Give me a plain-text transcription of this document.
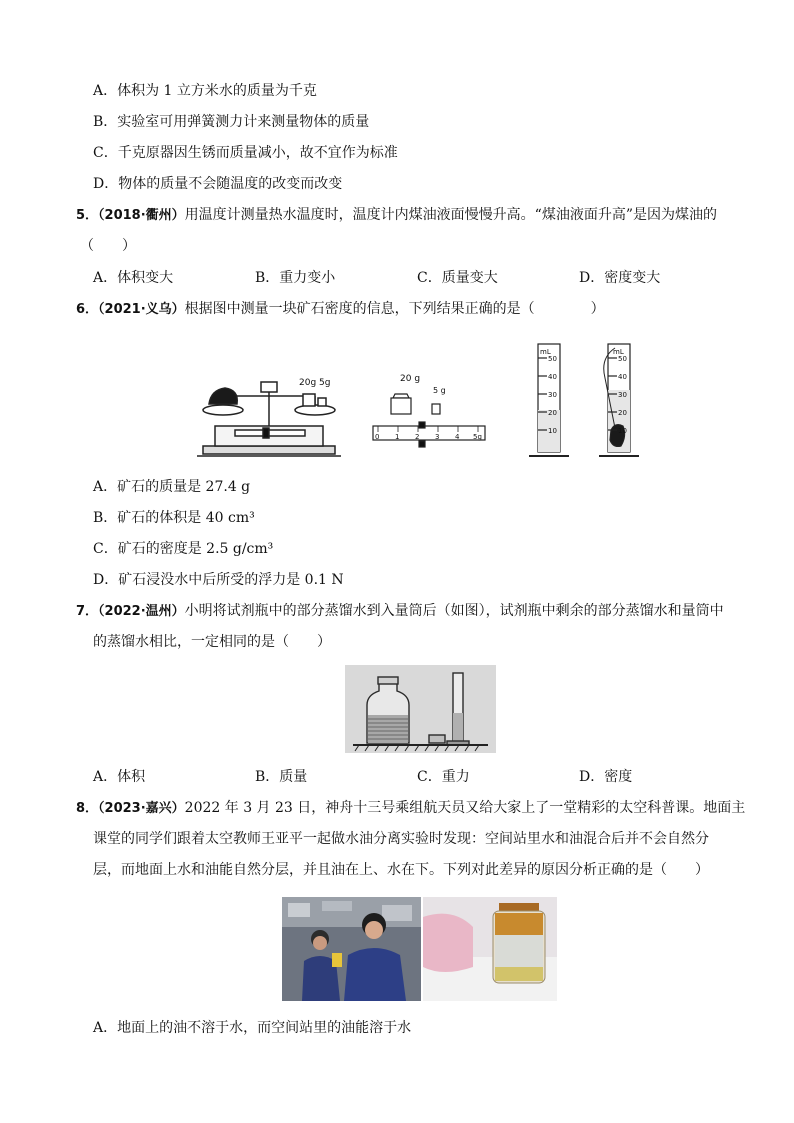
A．体积为 1 立方米水的质量为千克
B．实验室可用弹簧测力计来测量物体的质量
C．千克原器因生锈而质量减小，故不宜作为标准
D．物体的质量不会随温度的改变而改变
5．（2018·衢州）用温度计测量热水温度时，温度计内煤油液面慢慢升高。“煤油液面升高”是因为煤油的
（　　）
A．体积变大	B．重力变小	C．质量变大	D．密度变大
6．（2021·义乌）根据图中测量一块矿石密度的信息，下列结果正确的是（　　　　）
20g 5g	20 g
5 g
0 1 2 3 4 5g
mL
50
40
30
20
10
mL
50
40
30
20
10
A．矿石的质量是 27.4 g
B．矿石的体积是 40 cm³
C．矿石的密度是 2.5 g/cm³
D．矿石浸没水中后所受的浮力是 0.1 N
7．（2022·温州）小明将试剂瓶中的部分蒸馏水到入量筒后（如图），试剂瓶中剩余的部分蒸馏水和量筒中
的蒸馏水相比，一定相同的是（　　）
A．体积	B．质量	C．重力	D．密度
8．（2023·嘉兴）2022 年 3 月 23 日，神舟十三号乘组航天员又给大家上了一堂精彩的太空科普课。地面主
课堂的同学们跟着太空教师王亚平一起做水油分离实验时发现：空间站里水和油混合后并不会自然分
层，而地面上水和油能自然分层，并且油在上、水在下。下列对此差异的原因分析正确的是（　　）
A．地面上的油不溶于水，而空间站里的油能溶于水
